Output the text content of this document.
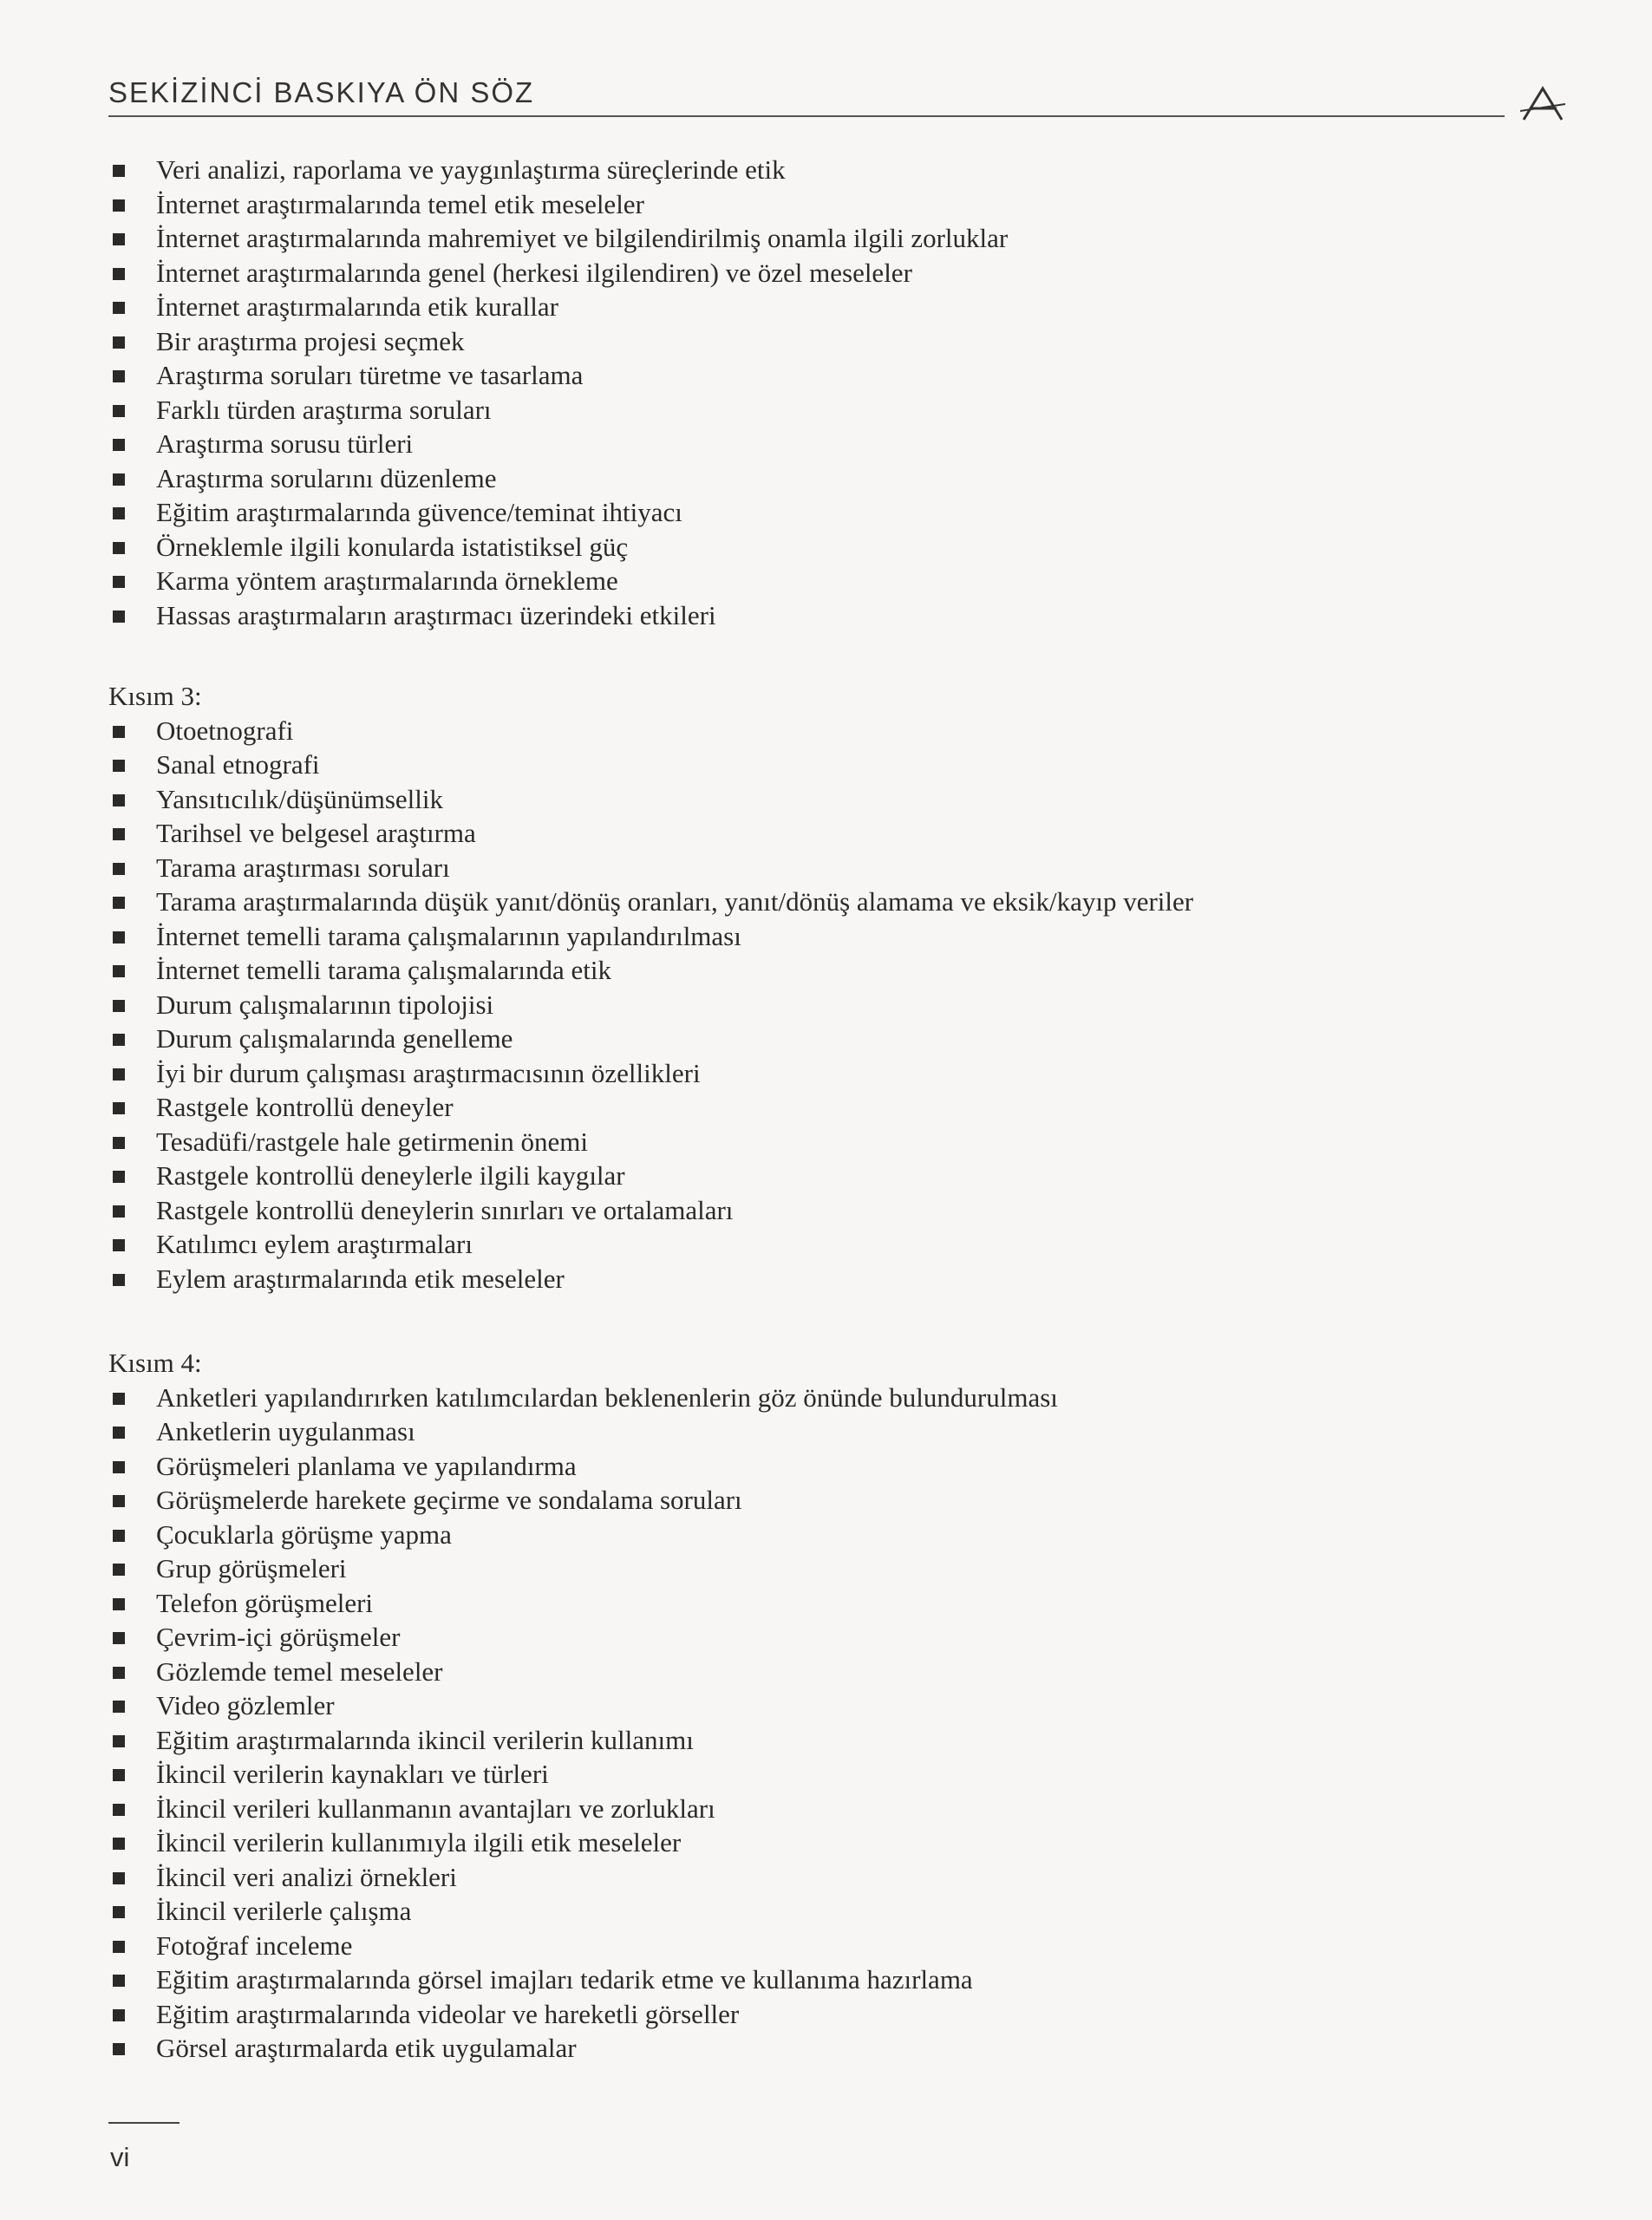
SEKİZİNCİ BASKIYA ÖN SÖZ
Veri analizi, raporlama ve yaygınlaştırma süreçlerinde etik
İnternet araştırmalarında temel etik meseleler
İnternet araştırmalarında mahremiyet ve bilgilendirilmiş onamla ilgili zorluklar
İnternet araştırmalarında genel (herkesi ilgilendiren) ve özel meseleler
İnternet araştırmalarında etik kurallar
Bir araştırma projesi seçmek
Araştırma soruları türetme ve tasarlama
Farklı türden araştırma soruları
Araştırma sorusu türleri
Araştırma sorularını düzenleme
Eğitim araştırmalarında güvence/teminat ihtiyacı
Örneklemle ilgili konularda istatistiksel güç
Karma yöntem araştırmalarında örnekleme
Hassas araştırmaların araştırmacı üzerindeki etkileri
Kısım 3:
Otoetnografi
Sanal etnografi
Yansıtıcılık/düşünümsellik
Tarihsel ve belgesel araştırma
Tarama araştırması soruları
Tarama araştırmalarında düşük yanıt/dönüş oranları, yanıt/dönüş alamama ve eksik/kayıp veriler
İnternet temelli tarama çalışmalarının yapılandırılması
İnternet temelli tarama çalışmalarında etik
Durum çalışmalarının tipolojisi
Durum çalışmalarında genelleme
İyi bir durum çalışması araştırmacısının özellikleri
Rastgele kontrollü deneyler
Tesadüfi/rastgele hale getirmenin önemi
Rastgele kontrollü deneylerle ilgili kaygılar
Rastgele kontrollü deneylerin sınırları ve ortalamaları
Katılımcı eylem araştırmaları
Eylem araştırmalarında etik meseleler
Kısım 4:
Anketleri yapılandırırken katılımcılardan beklenenlerin göz önünde bulundurulması
Anketlerin uygulanması
Görüşmeleri planlama ve yapılandırma
Görüşmelerde harekete geçirme ve sondalama soruları
Çocuklarla görüşme yapma
Grup görüşmeleri
Telefon görüşmeleri
Çevrim-içi görüşmeler
Gözlemde temel meseleler
Video gözlemler
Eğitim araştırmalarında ikincil verilerin kullanımı
İkincil verilerin kaynakları ve türleri
İkincil verileri kullanmanın avantajları ve zorlukları
İkincil verilerin kullanımıyla ilgili etik meseleler
İkincil veri analizi örnekleri
İkincil verilerle çalışma
Fotoğraf inceleme
Eğitim araştırmalarında görsel imajları tedarik etme ve kullanıma hazırlama
Eğitim araştırmalarında videolar ve hareketli görseller
Görsel araştırmalarda etik uygulamalar
vi
